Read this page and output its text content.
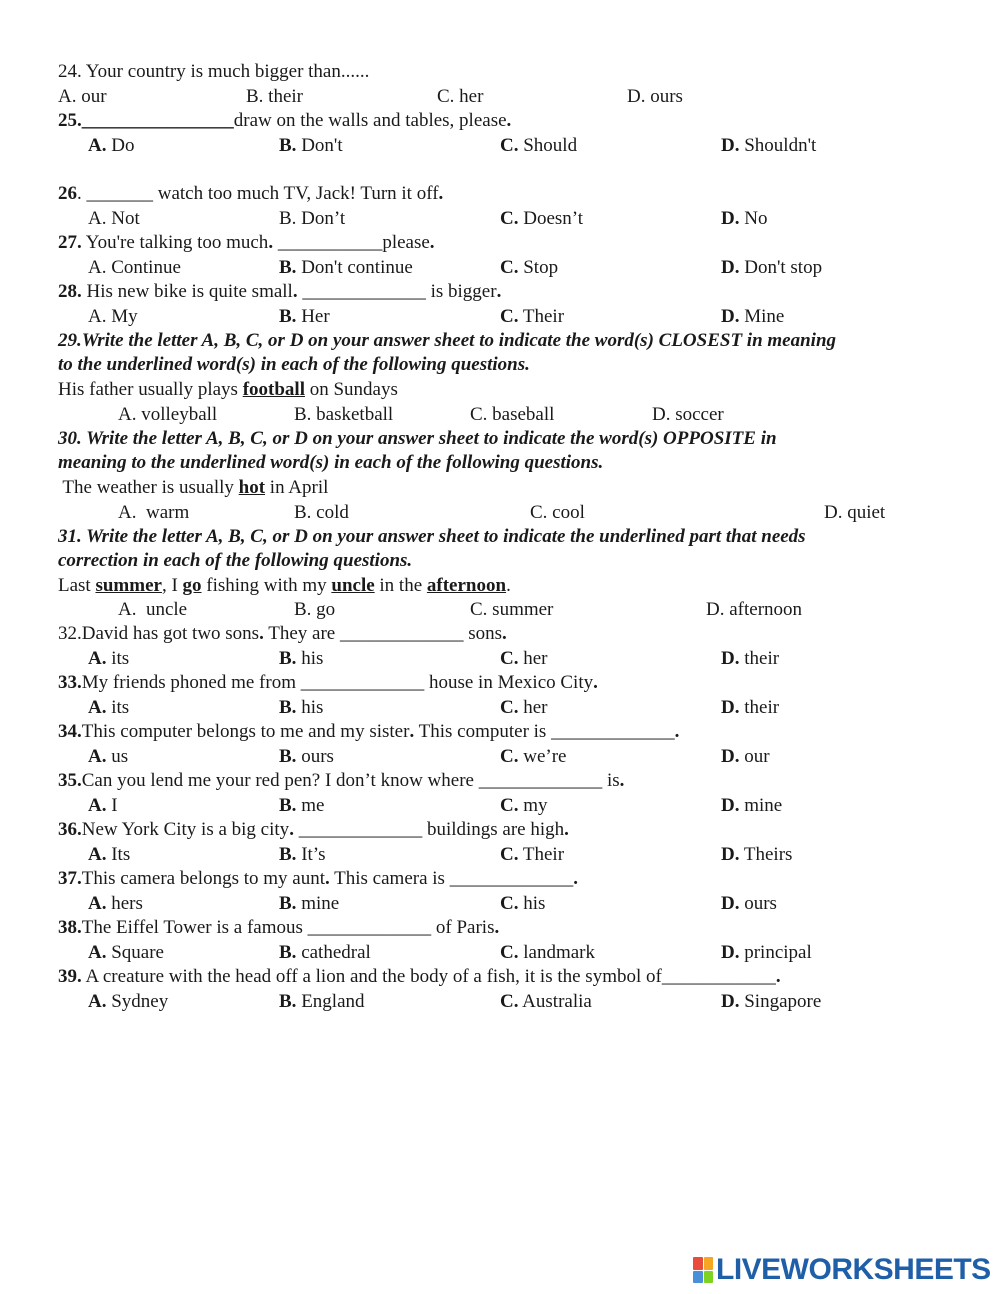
24. Your country is much bigger than......
A. our	B. their	C. her	D. ours
25.________________draw on the walls and tables, please.
A. Do	B. Don't	C. Should	D. Shouldn't
26. _______ watch too much TV, Jack! Turn it off.
A. Not	B. Don’t	C. Doesn’t	D. No
27. You're talking too much. ___________please.
A. Continue	B. Don't continue	C. Stop	D. Don't stop
28. His new bike is quite small. _____________ is bigger.
A. My	B. Her	C. Their	D. Mine
29.Write the letter A, B, C, or D on your answer sheet to indicate the word(s) CLOSEST in meaning
to the underlined word(s) in each of the following questions.
His father usually plays football on Sundays
A. volleyball	B. basketball	C. baseball	D. soccer
30. Write the letter A, B, C, or D on your answer sheet to indicate the word(s) OPPOSITE in
meaning to the underlined word(s) in each of the following questions.
The weather is usually hot in April
A.  warm	B. cold	C. cool	D. quiet
31. Write the letter A, B, C, or D on your answer sheet to indicate the underlined part that needs
correction in each of the following questions.
Last summer, I go fishing with my uncle in the afternoon.
A.  uncle	B. go	C. summer	D. afternoon
32.David has got two sons. They are _____________ sons.
A. its	B. his	C. her	D. their
33.My friends phoned me from _____________ house in Mexico City.
A. its	B. his	C. her	D. their
34.This computer belongs to me and my sister. This computer is _____________.
A. us	B. ours	C. we’re	D. our
35.Can you lend me your red pen? I don’t know where _____________ is.
A. I	B. me	C. my	D. mine
36.New York City is a big city. _____________ buildings are high.
A. Its	B. It’s	C. Their	D. Theirs
37.This camera belongs to my aunt. This camera is _____________.
A. hers	B. mine	C. his	D. ours
38.The Eiffel Tower is a famous _____________ of Paris.
A. Square	B. cathedral	C. landmark	D. principal
39. A creature with the head off a lion and the body of a fish, it is the symbol of____________.
A. Sydney	B. England	C. Australia	D. Singapore
LIVEWORKSHEETS
